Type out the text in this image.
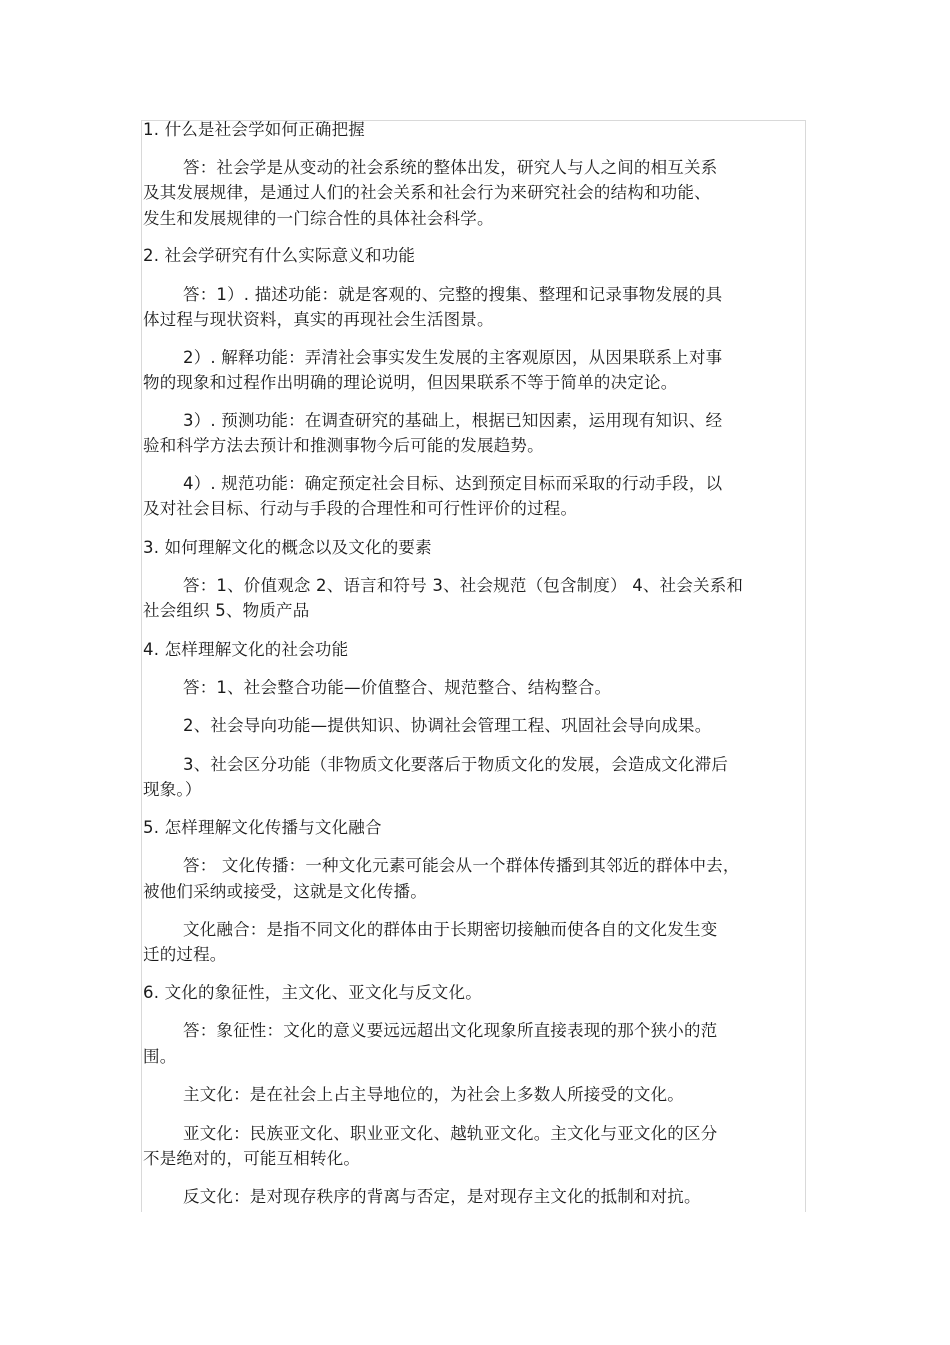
1. 什么是社会学如何正确把握
答：社会学是从变动的社会系统的整体出发，研究人与人之间的相互关系
及其发展规律，是通过人们的社会关系和社会行为来研究社会的结构和功能、
发生和发展规律的一门综合性的具体社会科学。
2. 社会学研究有什么实际意义和功能
答：1）. 描述功能：就是客观的、完整的搜集、整理和记录事物发展的具
体过程与现状资料，真实的再现社会生活图景。
2）. 解释功能：弄清社会事实发生发展的主客观原因，从因果联系上对事
物的现象和过程作出明确的理论说明，但因果联系不等于简单的决定论。
3）. 预测功能：在调查研究的基础上，根据已知因素，运用现有知识、经
验和科学方法去预计和推测事物今后可能的发展趋势。
4）. 规范功能：确定预定社会目标、达到预定目标而采取的行动手段，以
及对社会目标、行动与手段的合理性和可行性评价的过程。
3. 如何理解文化的概念以及文化的要素
答：1、价值观念 2、语言和符号 3、社会规范（包含制度） 4、社会关系和
社会组织 5、物质产品
4. 怎样理解文化的社会功能
答：1、社会整合功能—价值整合、规范整合、结构整合。
2、社会导向功能—提供知识、协调社会管理工程、巩固社会导向成果。
3、社会区分功能（非物质文化要落后于物质文化的发展，会造成文化滞后
现象。）
5. 怎样理解文化传播与文化融合
答： 文化传播：一种文化元素可能会从一个群体传播到其邻近的群体中去，
被他们采纳或接受，这就是文化传播。
文化融合：是指不同文化的群体由于长期密切接触而使各自的文化发生变
迁的过程。
6. 文化的象征性，主文化、亚文化与反文化。
答：象征性：文化的意义要远远超出文化现象所直接表现的那个狭小的范
围。
主文化：是在社会上占主导地位的，为社会上多数人所接受的文化。
亚文化：民族亚文化、职业亚文化、越轨亚文化。主文化与亚文化的区分
不是绝对的，可能互相转化。
反文化：是对现存秩序的背离与否定，是对现存主文化的抵制和对抗。
